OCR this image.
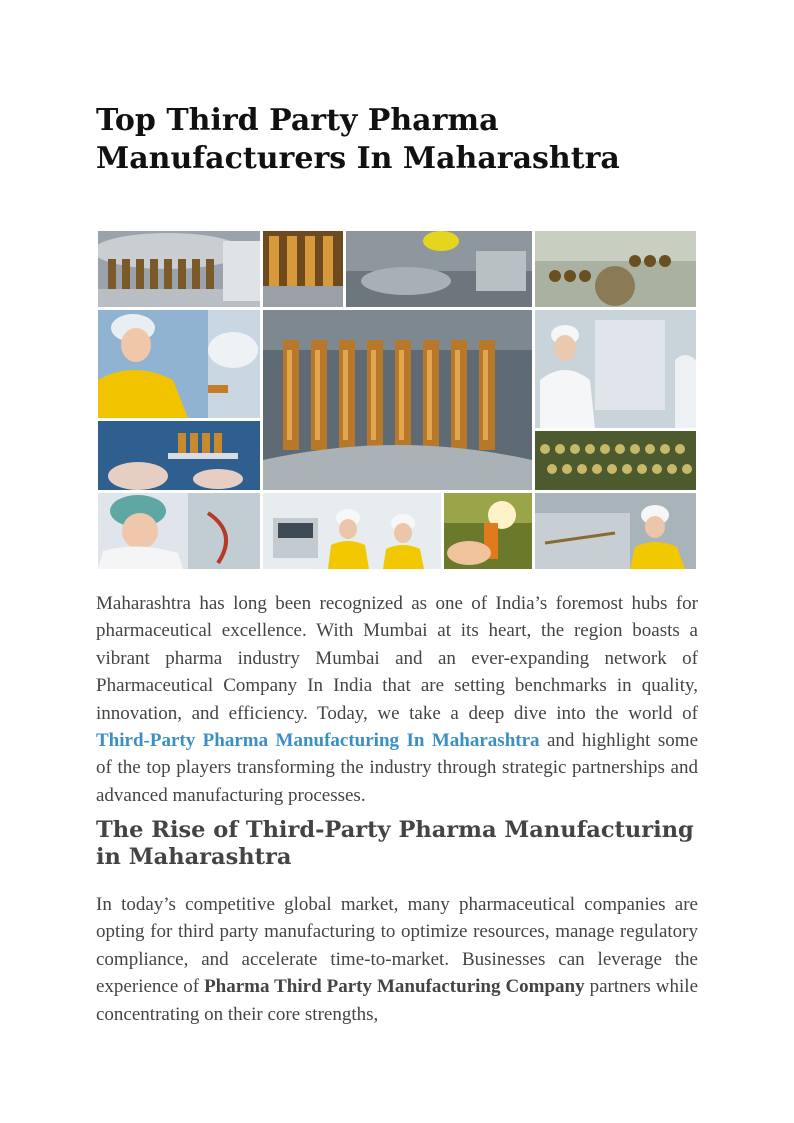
Top Third Party Pharma
Manufacturers In Maharashtra

Maharashtra has long been recognized as one of India’s foremost hubs for pharmaceutical excellence. With Mumbai at its heart, the region boasts a vibrant pharma industry Mumbai and an ever-expanding network of Pharmaceutical Company In India that are setting benchmarks in quality, innovation, and efficiency. Today, we take a deep dive into the world of Third-Party Pharma Manufacturing In Maharashtra and highlight some of the top players transforming the industry through strategic partnerships and advanced manufacturing processes.

The Rise of Third-Party Pharma Manufacturing in Maharashtra

In today’s competitive global market, many pharmaceutical companies are opting for third party manufacturing to optimize resources, manage regulatory compliance, and accelerate time-to-market. Businesses can leverage the experience of Pharma Third Party Manufacturing Company partners while concentrating on their core strengths,
